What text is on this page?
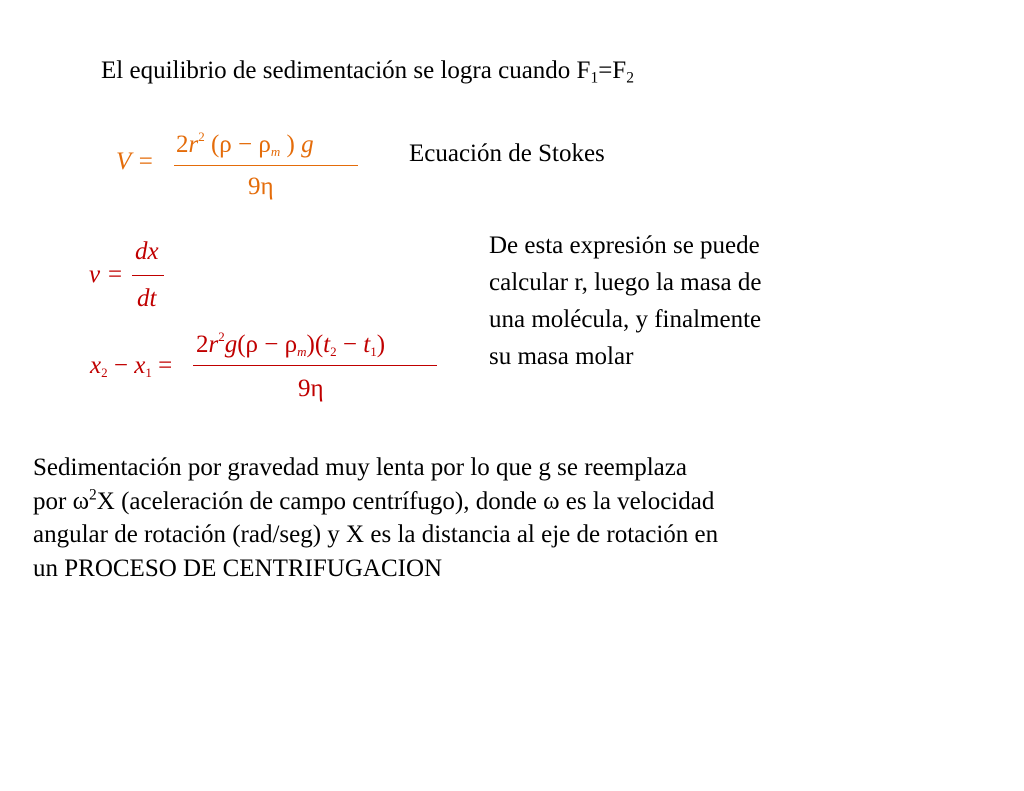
El equilibrio de sedimentación se logra cuando $F_1=F_2$
V =
$2r^2$ (ρ − ρm ) g
9η
Ecuación de Stokes
v =
dx
dt
x2 − x1 =
$2r^2g(\rho - \rho m)(t2 - t1)$
9η
De esta expresión se puede
calcular r, luego la masa de
una molécula, y finalmente
su masa molar
Sedimentación por gravedad muy lenta por lo que g se reemplaza
por $\omega^2X$ (aceleración de campo centrífugo), donde ω es la velocidad
angular de rotación (rad/seg) y X es la distancia al eje de rotación en
un PROCESO DE CENTRIFUGACION
